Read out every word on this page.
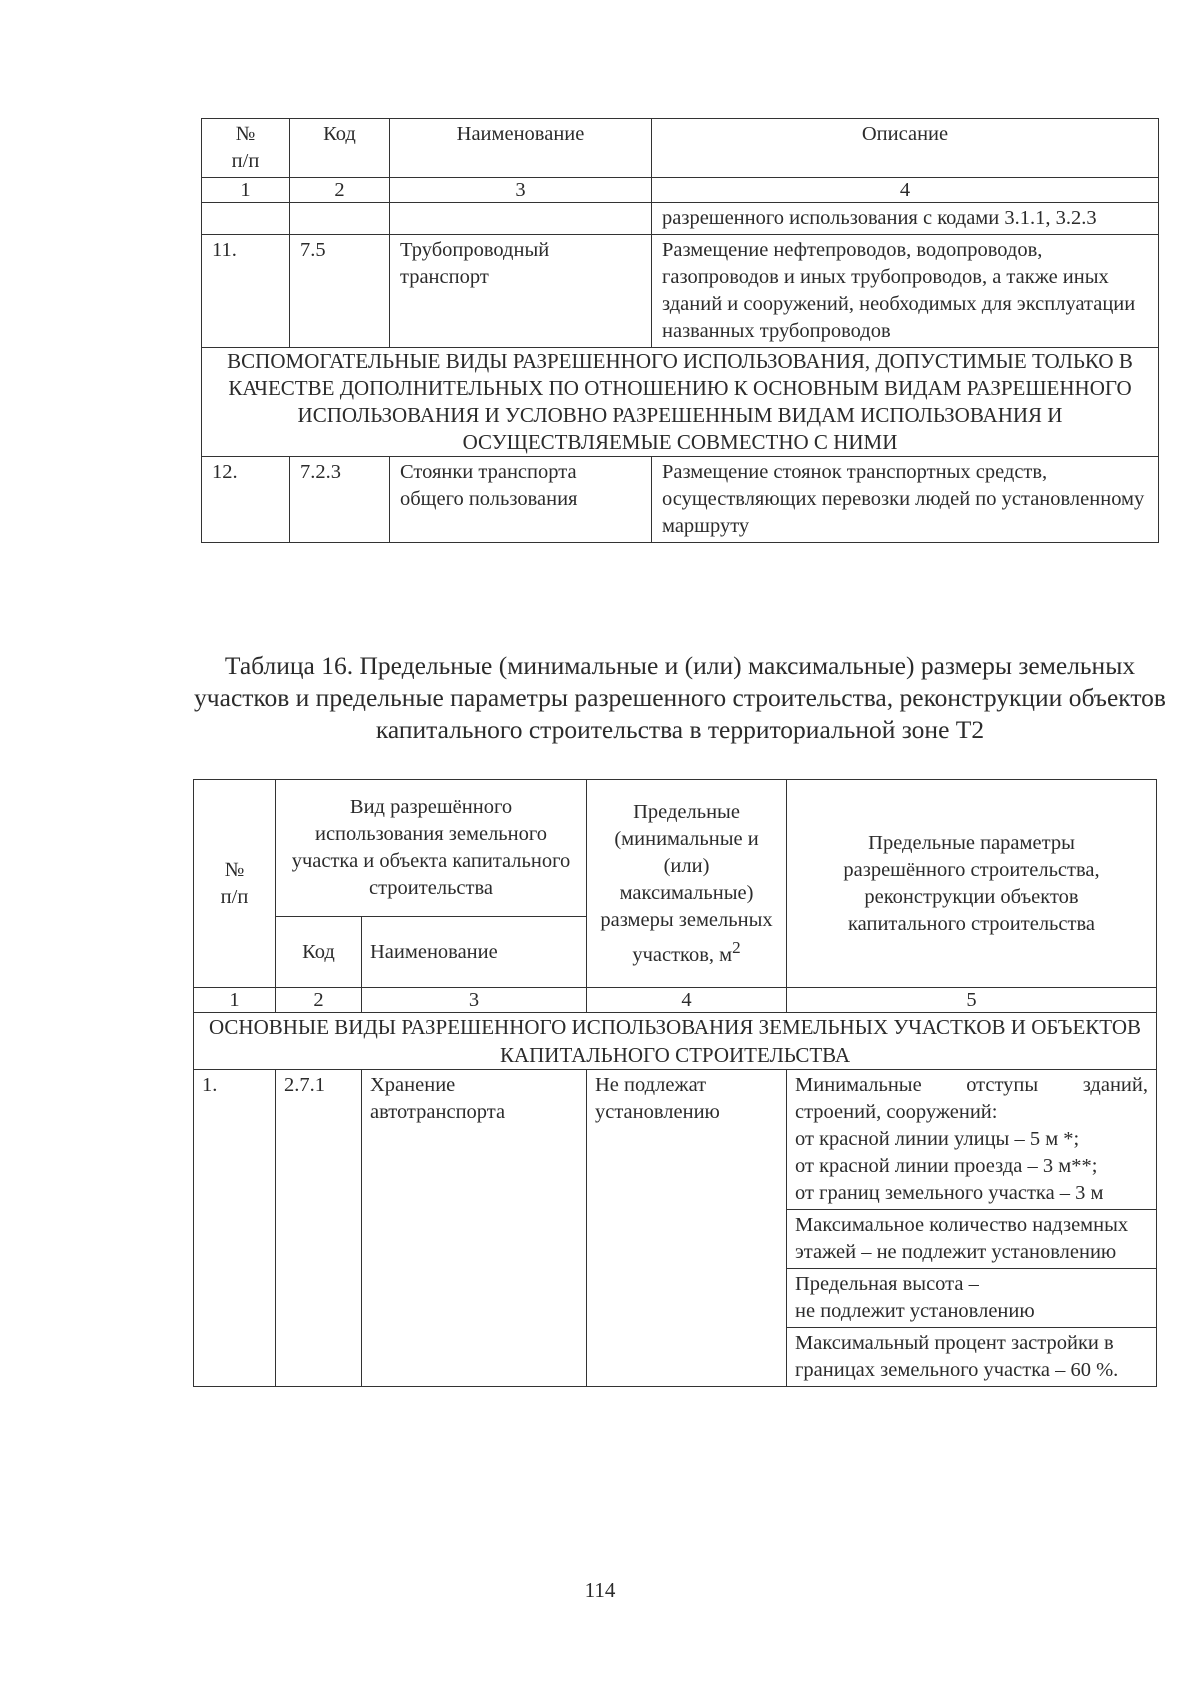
№
п/п	Код	Наименование	Описание
1	2	3	4
			разрешенного использования с кодами 3.1.1, 3.2.3
11.	7.5	Трубопроводный транспорт	Размещение нефтепроводов, водопроводов, газопроводов и иных трубопроводов, а также иных зданий и сооружений, необходимых для эксплуатации названных трубопроводов
ВСПОМОГАТЕЛЬНЫЕ ВИДЫ РАЗРЕШЕННОГО ИСПОЛЬЗОВАНИЯ, ДОПУСТИМЫЕ ТОЛЬКО В КАЧЕСТВЕ ДОПОЛНИТЕЛЬНЫХ ПО ОТНОШЕНИЮ К ОСНОВНЫМ ВИДАМ РАЗРЕШЕННОГО ИСПОЛЬЗОВАНИЯ И УСЛОВНО РАЗРЕШЕННЫМ ВИДАМ ИСПОЛЬЗОВАНИЯ И ОСУЩЕСТВЛЯЕМЫЕ СОВМЕСТНО С НИМИ			
12.	7.2.3	Стоянки транспорта общего пользования	Размещение стоянок транспортных средств, осуществляющих перевозки людей по установленному маршруту
Таблица 16. Предельные (минимальные и (или) максимальные) размеры земельных участков и предельные параметры разрешенного строительства, реконструкции объектов капитального строительства в территориальной зоне Т2
№
п/п	Вид разрешённого использования земельного участка и объекта капитального строительства		Предельные (минимальные и (или) максимальные) размеры земельных участков, $м^2$	Предельные параметры разрешённого строительства, реконструкции объектов капитального строительства
	Код	Наименование		
1	2	3	4	5
ОСНОВНЫЕ ВИДЫ РАЗРЕШЕННОГО ИСПОЛЬЗОВАНИЯ ЗЕМЕЛЬНЫХ УЧАСТКОВ И ОБЪЕКТОВ КАПИТАЛЬНОГО СТРОИТЕЛЬСТВА				
1.	2.7.1	Хранение автотранспорта	Не подлежат установлению	Минимальные отступы зданий, строений, сооружений:
от красной линии улицы – 5 м *;
от красной линии проезда – 3 м**;
от границ земельного участка – 3 м
				Максимальное количество надземных этажей – не подлежит установлению
				Предельная высота –
не подлежит установлению
				Максимальный процент застройки в границах земельного участка – 60 %.
114
